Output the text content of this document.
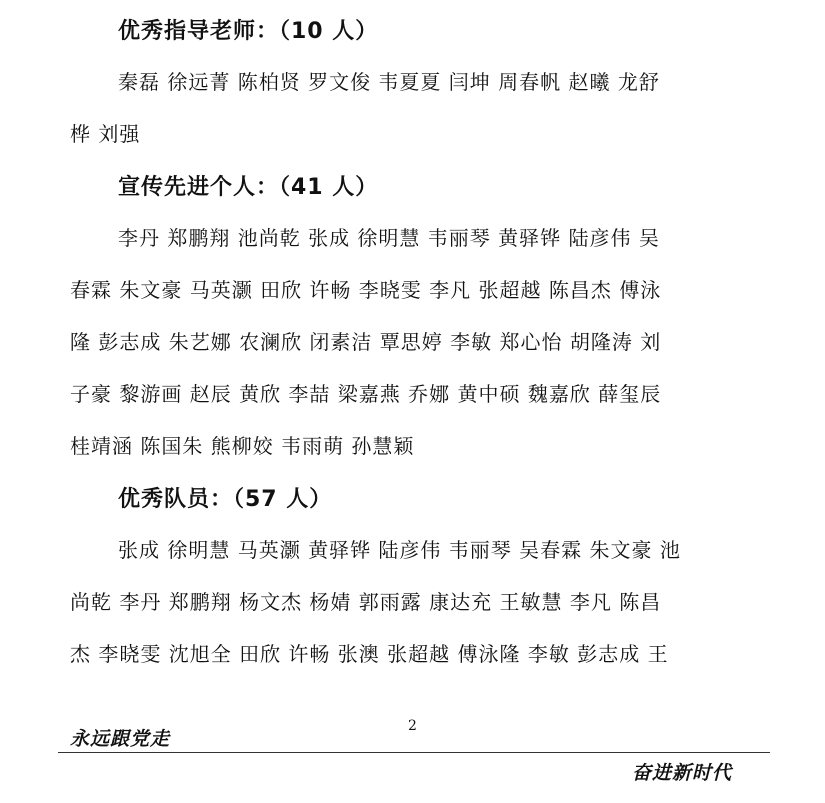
优秀指导老师：（10 人）
秦磊 徐远菁 陈柏贤 罗文俊 韦夏夏 闫坤 周春帆 赵曦 龙舒
桦 刘强
宣传先进个人：（41 人）
李丹 郑鹏翔 池尚乾 张成 徐明慧 韦丽琴 黄驿铧 陆彦伟 吴
春霖 朱文豪 马英灏 田欣 许畅 李晓雯 李凡 张超越 陈昌杰 傅泳
隆 彭志成 朱艺娜 农澜欣 闭素洁 覃思婷 李敏 郑心怡 胡隆涛 刘
子豪 黎游画 赵辰 黄欣 李喆 梁嘉燕 乔娜 黄中硕 魏嘉欣 薛玺辰
桂靖涵 陈国朱 熊柳姣 韦雨萌 孙慧颖
优秀队员：（57 人）
张成 徐明慧 马英灏 黄驿铧 陆彦伟 韦丽琴 吴春霖 朱文豪 池
尚乾 李丹 郑鹏翔 杨文杰 杨婧 郭雨露 康达充 王敏慧 李凡 陈昌
杰 李晓雯 沈旭全 田欣 许畅 张澳 张超越 傅泳隆 李敏 彭志成 王
2
永远跟党走
奋进新时代
